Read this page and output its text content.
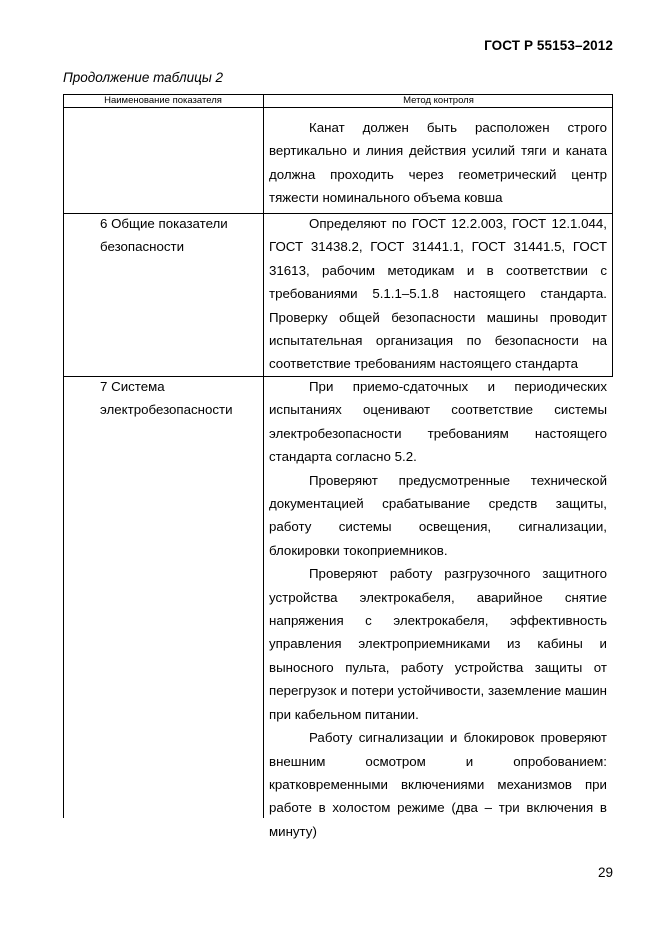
ГОСТ Р 55153–2012
Продолжение таблицы 2
Наименование показателя	Метод контроля

Канат должен быть расположен строго вертикально и линия действия усилий тяги и каната должна проходить через геометрический центр тяжести номинального объема ковша

6 Общие показатели безопасности

Определяют по ГОСТ 12.2.003, ГОСТ 12.1.044, ГОСТ 31438.2, ГОСТ 31441.1, ГОСТ 31441.5, ГОСТ 31613, рабочим методикам и в соответствии с требованиями 5.1.1–5.1.8 настоящего стандарта. Проверку общей безопасности машины проводит испытательная организация по безопасности на соответствие требованиям настоящего стандарта

7 Система электробезопасности

При приемо-сдаточных и периодических испытаниях оценивают соответствие системы электробезопасности требованиям настоящего стандарта согласно 5.2.

Проверяют предусмотренные технической документацией срабатывание средств защиты, работу системы освещения, сигнализации, блокировки токоприемников.

Проверяют работу разгрузочного защитного устройства электрокабеля, аварийное снятие напряжения с электрокабеля, эффективность управления электроприемниками из кабины и выносного пульта, работу устройства защиты от перегрузок и потери устойчивости, заземление машин при кабельном питании.

Работу сигнализации и блокировок проверяют внешним осмотром и опробованием: кратковременными включениями механизмов при работе в холостом режиме (два – три включения в минуту)

29
